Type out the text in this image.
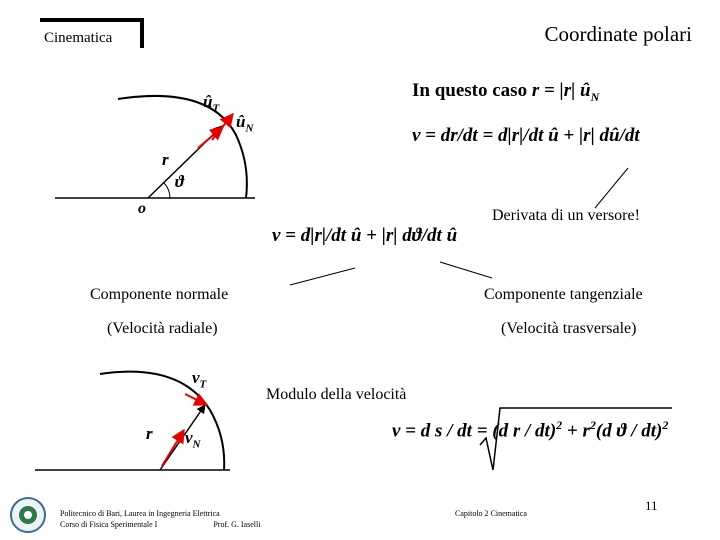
Cinematica	Coordinate polari
$û_T$
$û_N$
r
ϑ
o
In questo caso r = |r| $û_N$
v = dr/dt = d|r|/dt û + |r| dû/dt
v = d|r|/dt û + |r| dϑ/dt û
Derivata di un versore!
Componente normale	Componente tangenziale
(Velocità radiale)	(Velocità trasversale)
Modulo della velocità
$v_T$
$v_N$
r	v = d s / dt = (d $r / dt)^2 + r^2(d$ ϑ / dt)$^2$
Politecnico di Bari, Laurea in Ingegneria Elettrica
Corso di Fisica Sperimentale I	Prof. G. Iaselli
Capitolo 2 Cinematica
11
